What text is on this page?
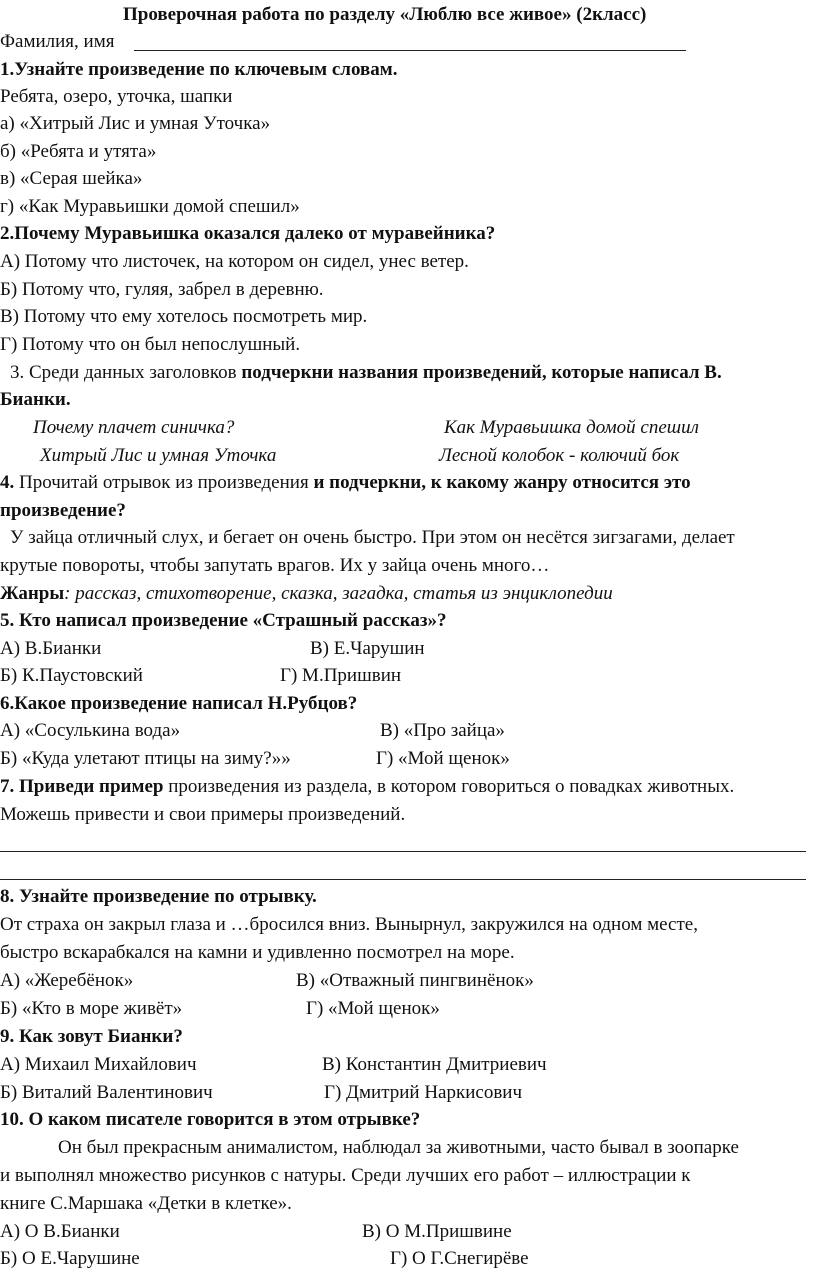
Проверочная работа по разделу «Люблю все живое» (2класс)
Фамилия, имя
1.Узнайте произведение по ключевым словам.
Ребята, озеро, уточка, шапки
а) «Хитрый Лис и умная Уточка»
б) «Ребята и утята»
в) «Серая шейка»
г) «Как Муравьишки домой спешил»
2.Почему Муравьишка оказался далеко от муравейника?
А) Потому что листочек, на котором он сидел, унес ветер.
Б) Потому что, гуляя, забрел в деревню.
В) Потому что ему хотелось посмотреть мир.
Г) Потому что он был непослушный.
3. Среди данных заголовков подчеркни названия произведений, которые написал В.
Бианки.
Почему плачет синичка?	Как Муравьишка домой спешил
Хитрый Лис и умная Уточка	Лесной колобок - колючий бок
4. Прочитай отрывок из произведения и подчеркни, к какому жанру относится это
произведение?
У зайца отличный слух, и бегает он очень быстро. При этом он несётся зигзагами, делает
крутые повороты, чтобы запутать врагов. Их у зайца очень много…
Жанры: рассказ, стихотворение, сказка, загадка, статья из энциклопедии
5. Кто написал произведение «Страшный рассказ»?
А) В.Бианки	В) Е.Чарушин
Б) К.Паустовский	Г) М.Пришвин
6.Какое произведение написал Н.Рубцов?
А) «Сосулькина вода»	В) «Про зайца»
Б) «Куда улетают птицы на зиму?»»	Г) «Мой щенок»
7. Приведи пример произведения из раздела, в котором говориться о повадках животных.
Можешь привести и свои примеры произведений.
8. Узнайте произведение по отрывку.
От страха он закрыл глаза и …бросился вниз. Вынырнул, закружился на одном месте,
быстро вскарабкался на камни и удивленно посмотрел на море.
А) «Жеребёнок»	В) «Отважный пингвинёнок»
Б) «Кто в море живёт»	Г) «Мой щенок»
9. Как зовут Бианки?
А) Михаил Михайлович	В) Константин Дмитриевич
Б) Виталий Валентинович	Г) Дмитрий Наркисович
10. О каком писателе говорится в этом отрывке?
Он был прекрасным анималистом, наблюдал за животными, часто бывал в зоопарке
и выполнял множество рисунков с натуры. Среди лучших его работ – иллюстрации к
книге С.Маршака «Детки в клетке».
А) О В.Бианки	В) О М.Пришвине
Б) О Е.Чарушине	Г) О Г.Снегирёве
